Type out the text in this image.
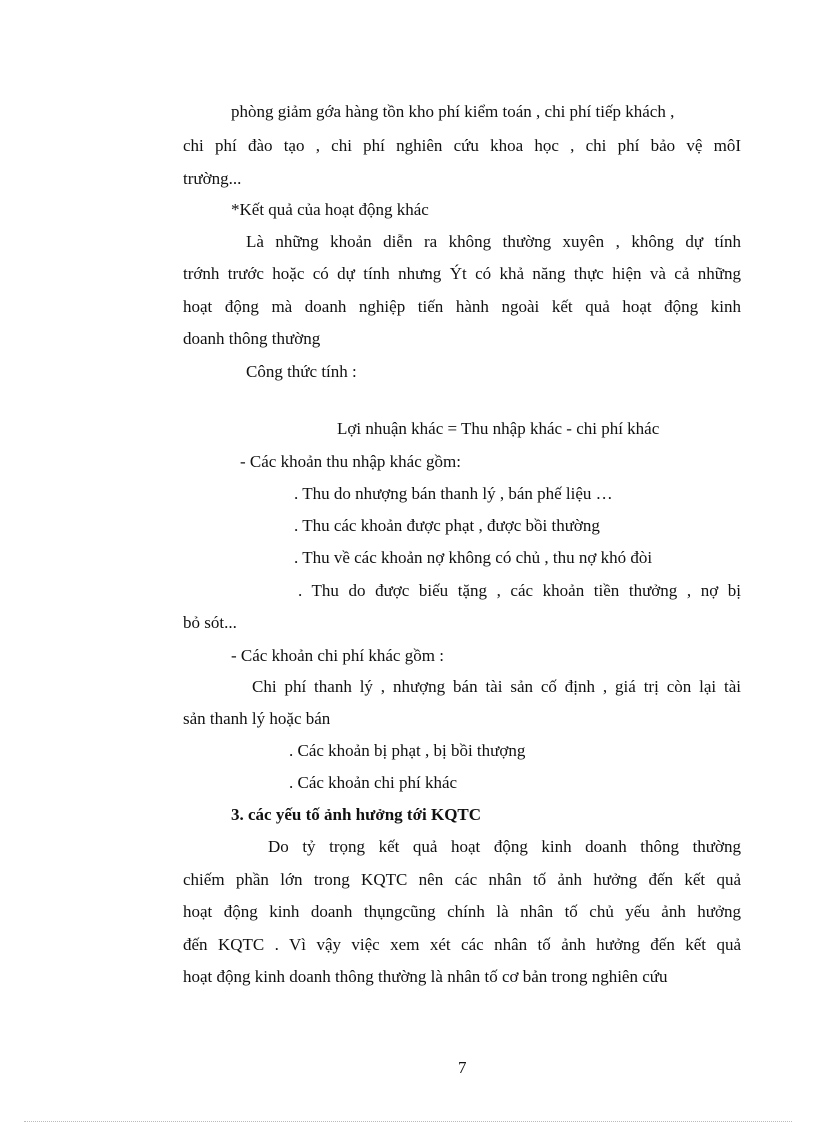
phòng giảm gớa hàng tồn kho phí kiểm toán , chi phí tiếp khách ,
chi phí đào tạo , chi phí nghiên cứu khoa học , chi phí bảo vệ môI
trường...
*Kết quả của hoạt động khác
Là những khoản diễn ra không thường xuyên , không dự tính
trớnh trước hoặc có dự tính nhưng Ýt có khả năng thực hiện và cả những
hoạt động mà doanh nghiệp tiến hành ngoài kết quả hoạt động kinh
doanh thông thường
Công thức tính :
Lợi nhuận khác = Thu nhập khác - chi phí khác
- Các khoản thu nhập khác gồm:
. Thu do nhượng bán thanh lý , bán phế liệu …
. Thu các khoản được phạt , được bồi thường
. Thu về các khoản nợ không có chủ , thu nợ khó đòi
. Thu do được biếu tặng , các khoản tiền thưởng , nợ bị
bỏ sót...
- Các khoản chi phí khác gồm :
Chi phí thanh lý , nhượng bán tài sản cố định , giá trị còn lại tài
sản thanh lý hoặc bán
. Các khoản bị phạt , bị bồi thượng
. Các khoản chi phí khác
3. các yếu tố ảnh hưởng tới KQTC
Do tỷ trọng kết quả hoạt động kinh doanh thông thường
chiếm phần lớn trong KQTC nên các nhân tố ảnh hưởng đến kết quả
hoạt động kinh doanh thụngcũng chính là nhân tố chủ yếu ảnh hưởng
đến KQTC . Vì vậy việc xem xét các nhân tố ảnh hưởng đến kết quả
hoạt động kinh doanh thông thường là nhân tố cơ bản trong nghiên cứu
7
